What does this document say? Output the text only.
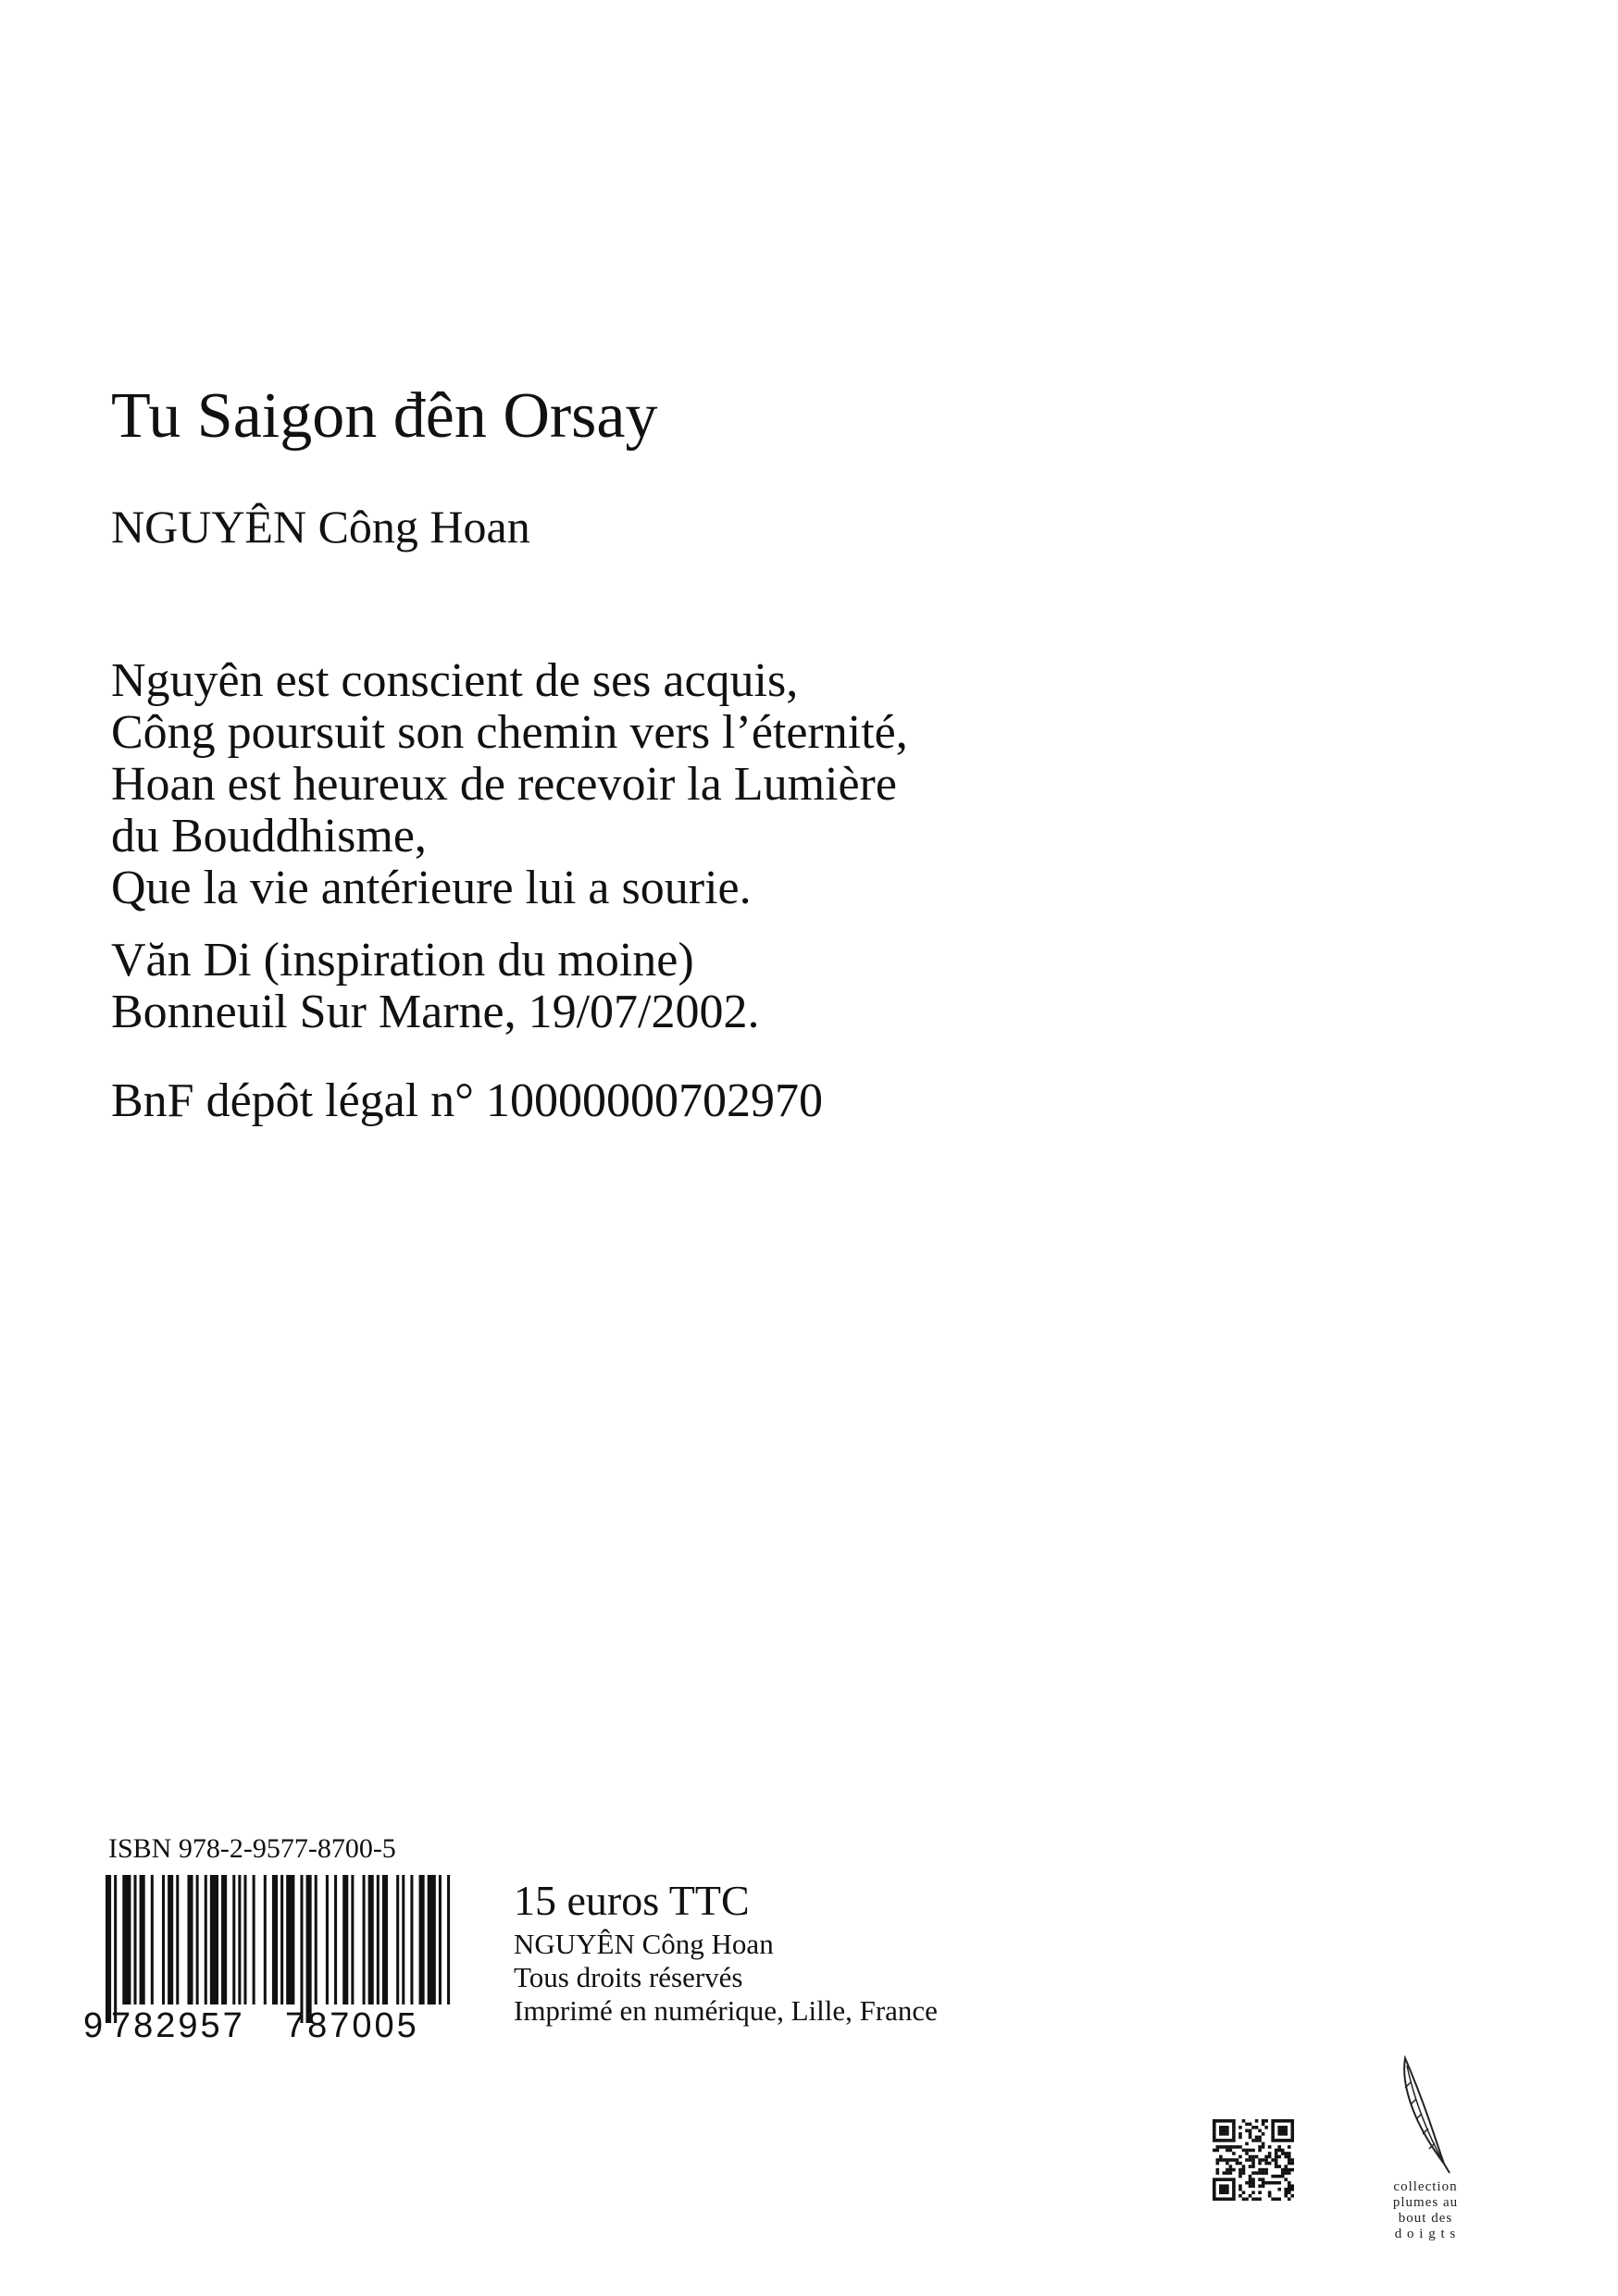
Tu Saigon đên Orsay
NGUYÊN Công Hoan
Nguyên est conscient de ses acquis,
Công poursuit son chemin vers l’éternité,
Hoan est heureux de recevoir la Lumière
du Bouddhisme,
Que la vie antérieure lui a sourie.
Văn Di (inspiration du moine)
Bonneuil Sur Marne, 19/07/2002.
BnF dépôt légal n° 10000000702970
ISBN 978-2-9577-8700-5
9 782957 787005
15 euros TTC
NGUYÊN Công Hoan
Tous droits réservés
Imprimé en numérique, Lille, France
collection
plumes au
bout des
d o i g t s
